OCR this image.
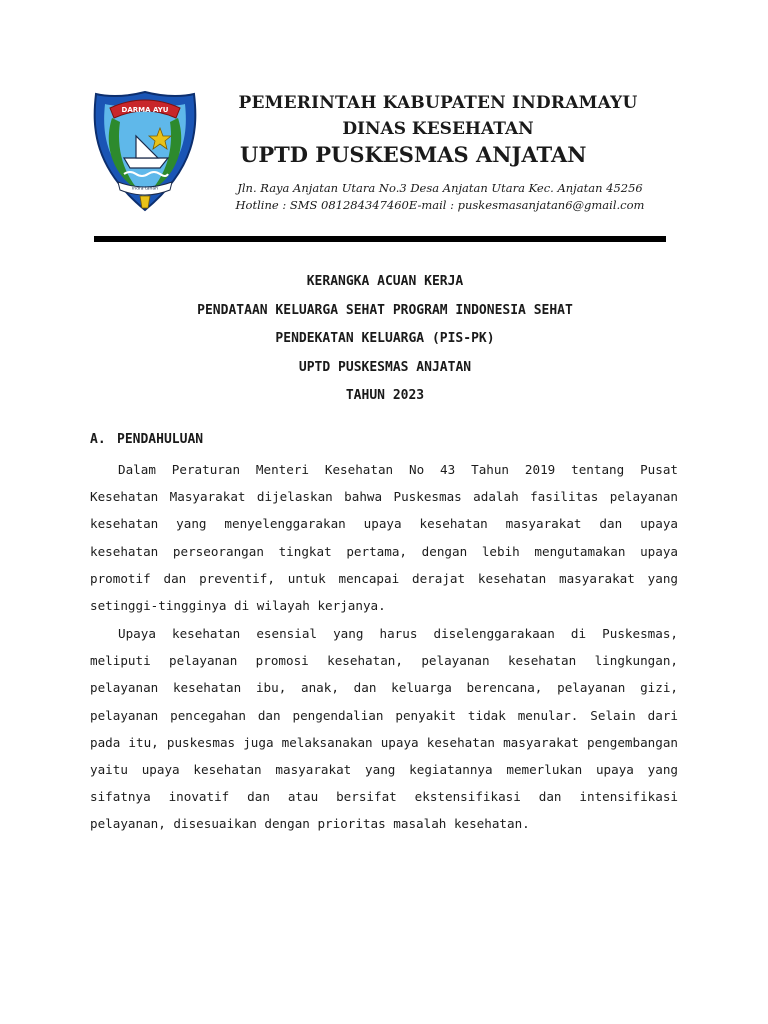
DARMA AYU
indra tanah
PEMERINTAH KABUPATEN INDRAMAYU
DINAS KESEHATAN
UPTD PUSKESMAS ANJATAN
Jln. Raya Anjatan Utara No.3 Desa Anjatan Utara Kec. Anjatan 45256
Hotline : SMS 081284347460E-mail : puskesmasanjatan6@gmail.com
KERANGKA ACUAN KERJA
PENDATAAN KELUARGA SEHAT PROGRAM INDONESIA SEHAT
PENDEKATAN KELUARGA (PIS-PK)
UPTD PUSKESMAS ANJATAN
TAHUN 2023
A. PENDAHULUAN

Dalam Peraturan Menteri Kesehatan No 43 Tahun 2019 tentang Pusat Kesehatan Masyarakat dijelaskan bahwa Puskesmas adalah fasilitas pelayanan kesehatan yang menyelenggarakan upaya kesehatan masyarakat dan upaya kesehatan perseorangan tingkat pertama, dengan lebih mengutamakan upaya promotif dan preventif, untuk mencapai derajat kesehatan masyarakat yang setinggi-tingginya di wilayah kerjanya.

Upaya kesehatan esensial yang harus diselenggarakaan di Puskesmas, meliputi pelayanan promosi kesehatan, pelayanan kesehatan lingkungan, pelayanan kesehatan ibu, anak, dan keluarga berencana, pelayanan gizi, pelayanan pencegahan dan pengendalian penyakit tidak menular. Selain dari pada itu, puskesmas juga melaksanakan upaya kesehatan masyarakat pengembangan yaitu upaya kesehatan masyarakat yang kegiatannya memerlukan upaya yang sifatnya inovatif dan atau bersifat ekstensifikasi dan intensifikasi pelayanan, disesuaikan dengan prioritas masalah kesehatan.
